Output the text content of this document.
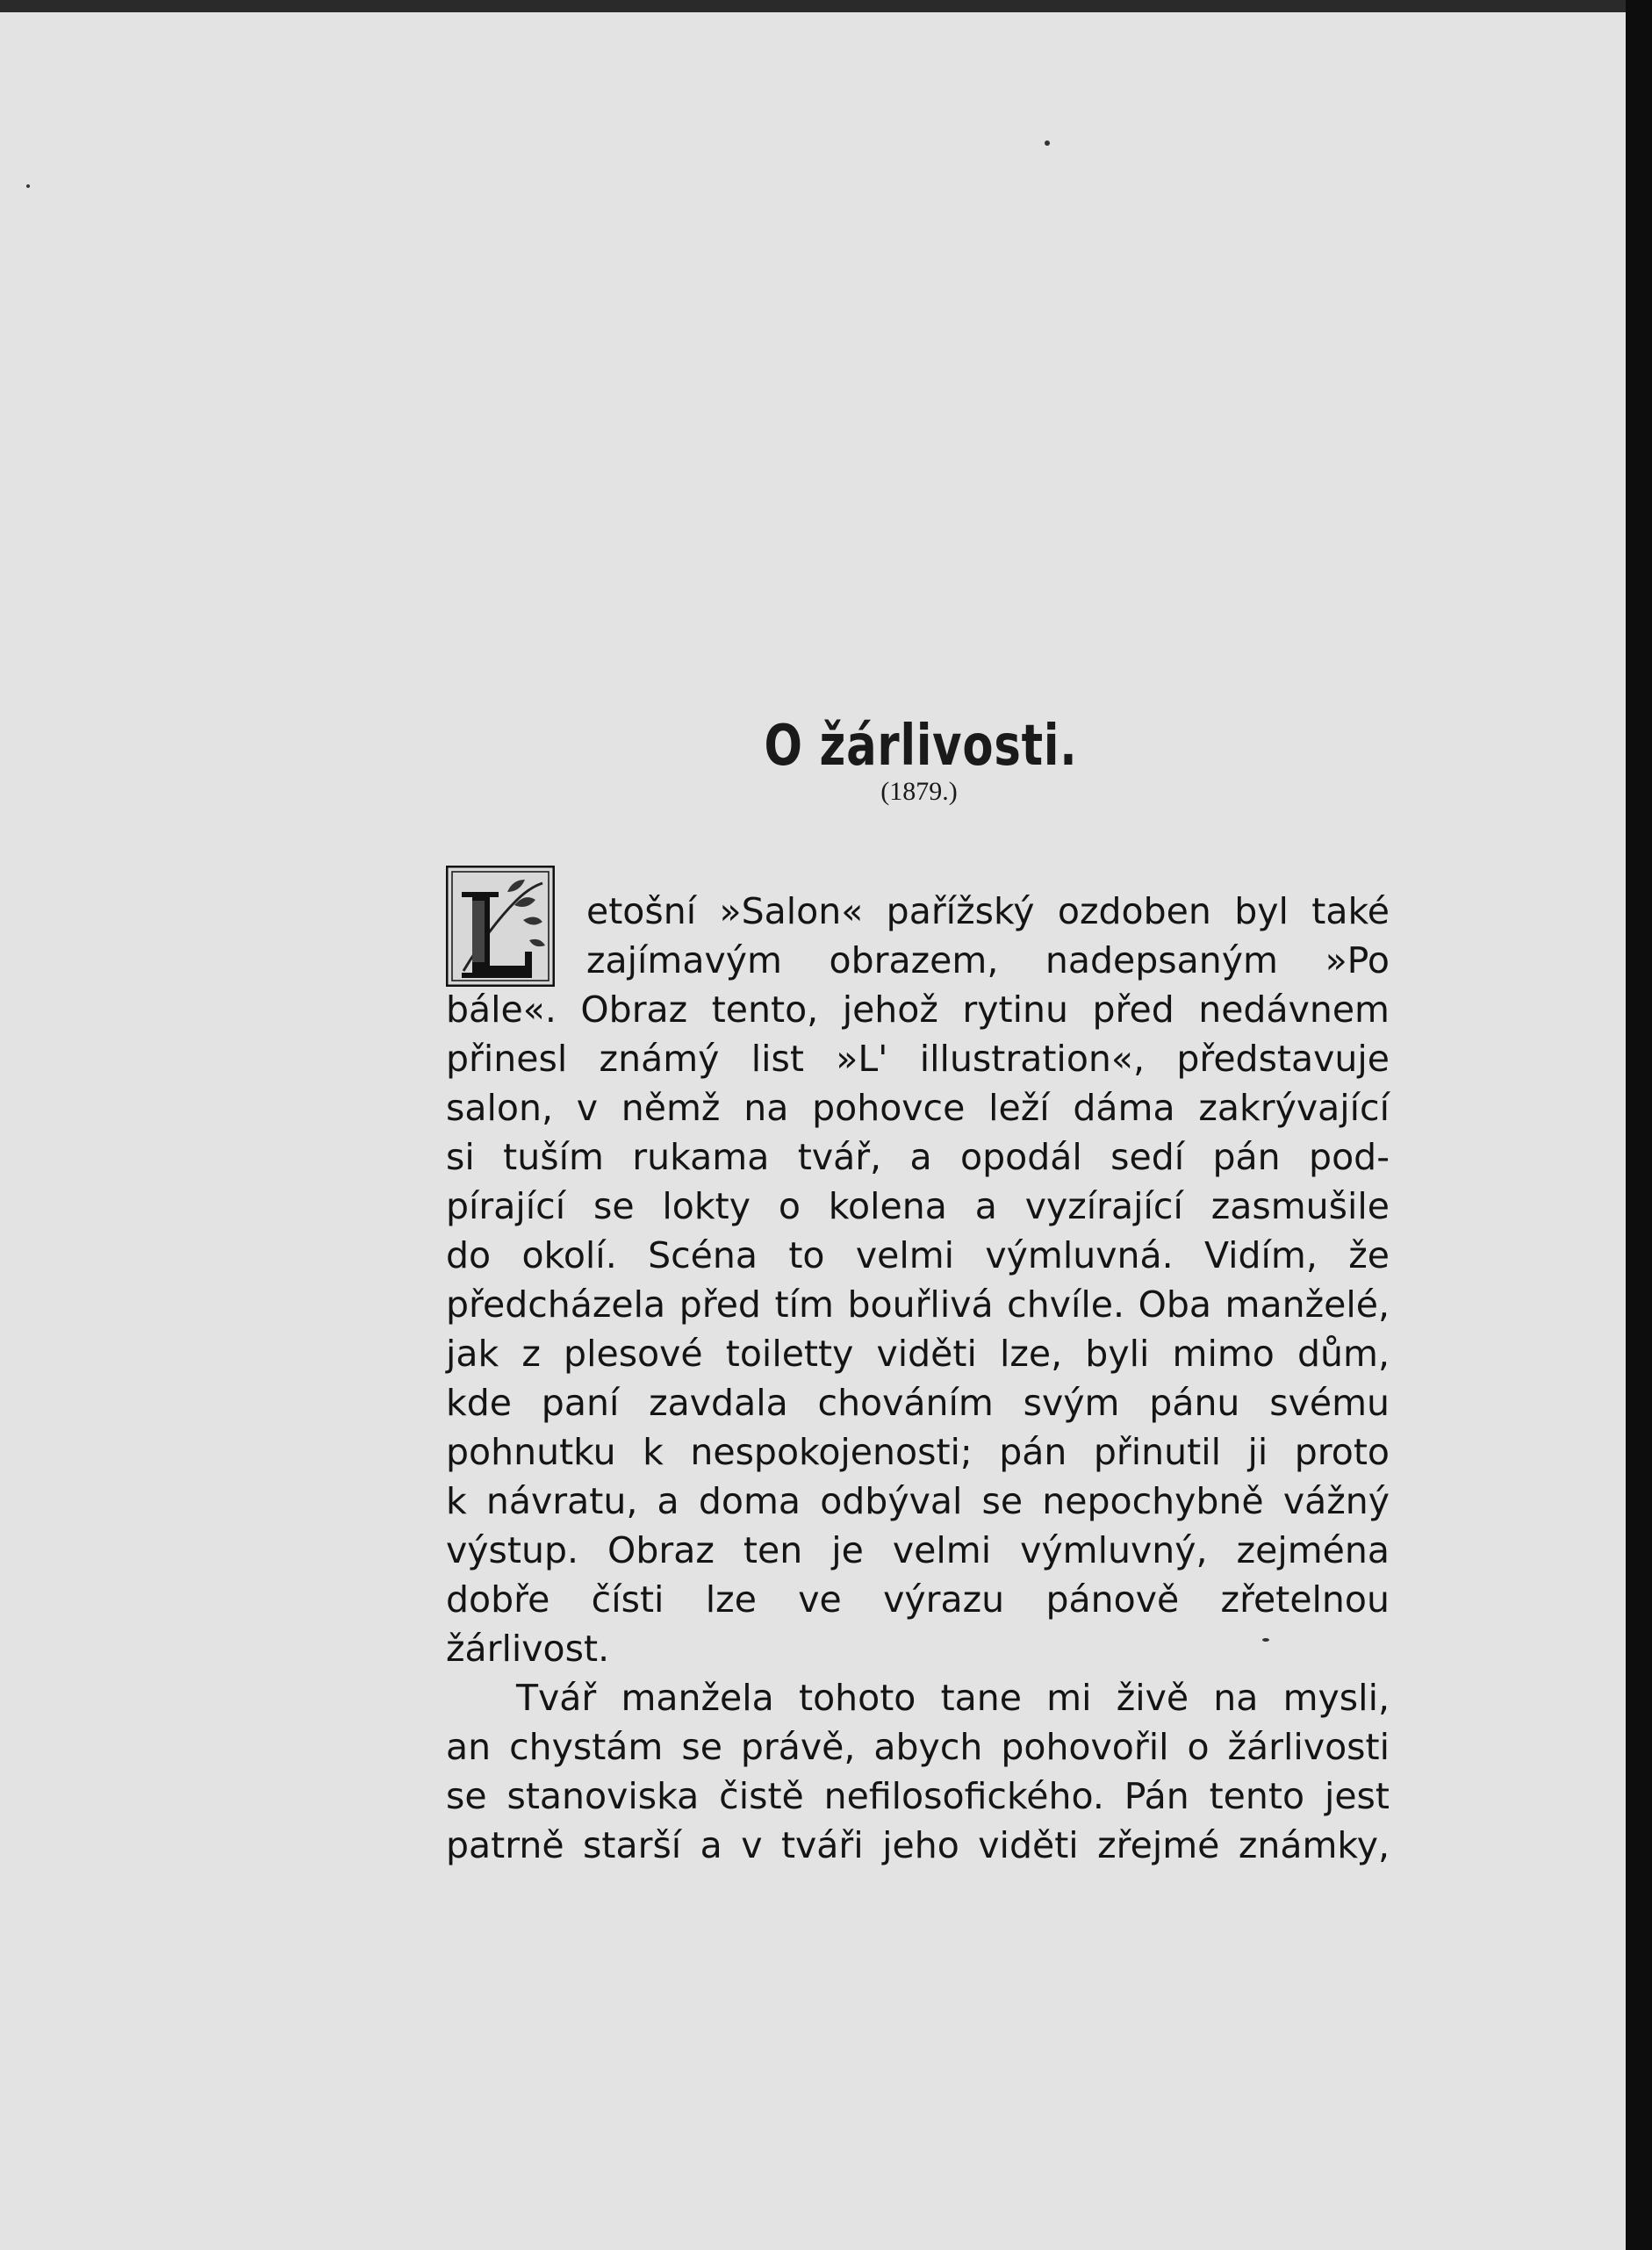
O žárlivosti.
(1879.)
etošní »Salon« pařížský ozdoben byl také
zajímavým obrazem, nadepsaným »Po
bále«. Obraz tento, jehož rytinu před nedávnem
přinesl známý list »L' illustration«, představuje
salon, v němž na pohovce leží dáma zakrývající
si tuším rukama tvář, a opodál sedí pán pod-
pírající se lokty o kolena a vyzírající zasmušile
do okolí. Scéna to velmi výmluvná. Vidím, že
předcházela před tím bouřlivá chvíle. Oba manželé,
jak z plesové toiletty viděti lze, byli mimo dům,
kde paní zavdala chováním svým pánu svému
pohnutku k nespokojenosti; pán přinutil ji proto
k návratu, a doma odbýval se nepochybně vážný
výstup. Obraz ten je velmi výmluvný, zejména
dobře čísti lze ve výrazu pánově zřetelnou
žárlivost.
Tvář manžela tohoto tane mi živě na mysli,
an chystám se právě, abych pohovořil o žárlivosti
se stanoviska čistě nefilosofického. Pán tento jest
patrně starší a v tváři jeho viděti zřejmé známky,
